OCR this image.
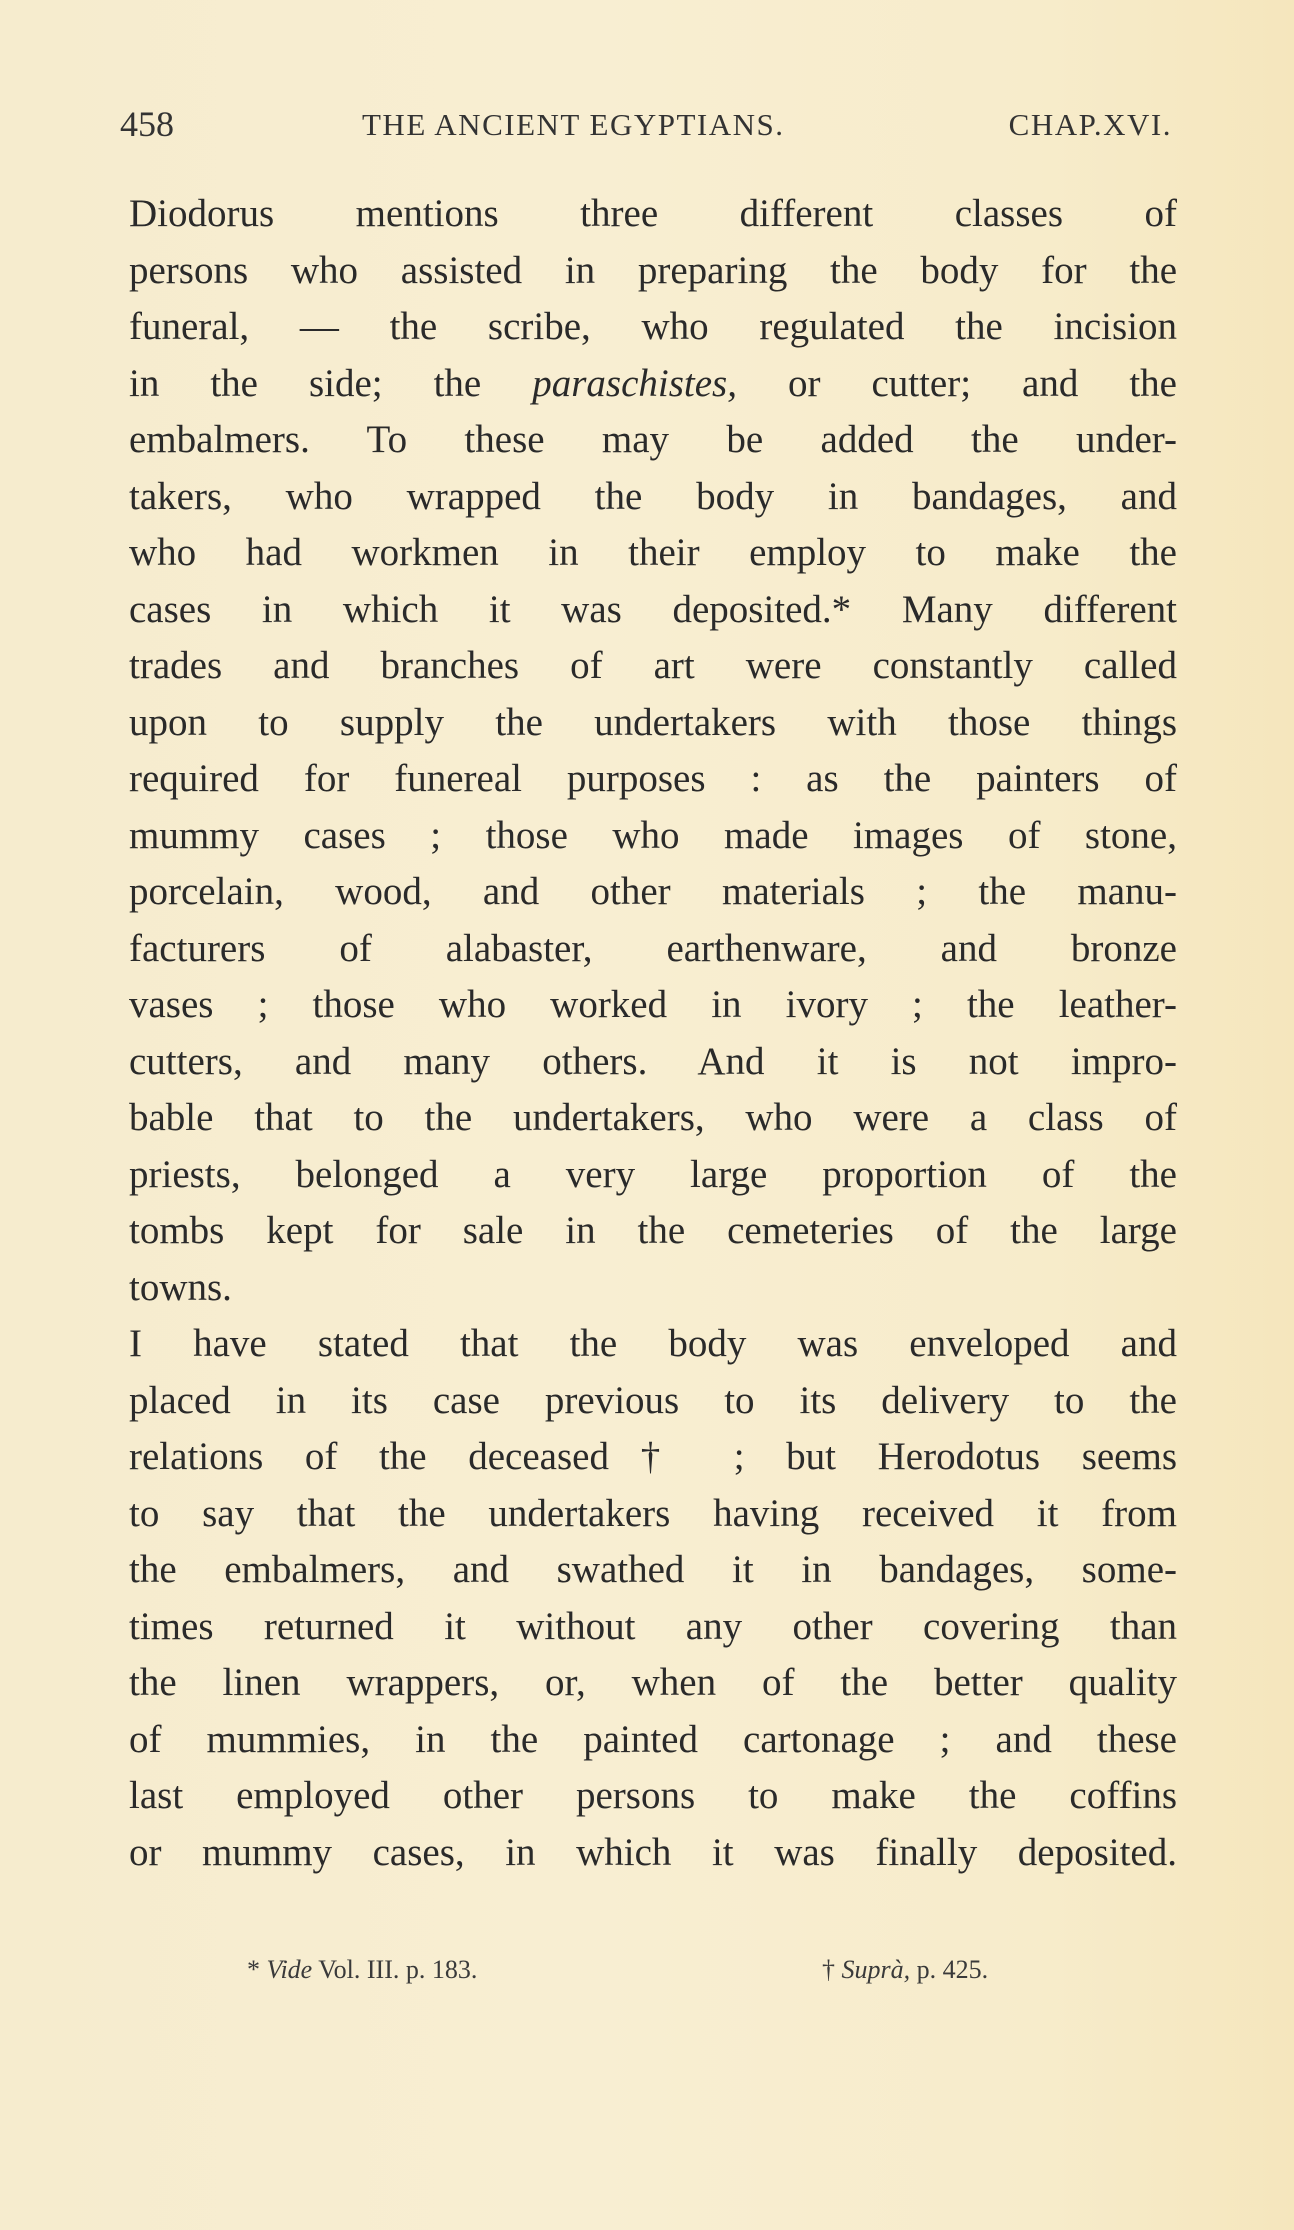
458	THE ANCIENT EGYPTIANS.	CHAP.XVI.
Diodorus mentions three different classes of
persons who assisted in preparing the body for the
funeral, — the scribe, who regulated the incision
in the side; the paraschistes, or cutter; and the
embalmers. To these may be added the under-
takers, who wrapped the body in bandages, and
who had workmen in their employ to make the
cases in which it was deposited.* Many different
trades and branches of art were constantly called
upon to supply the undertakers with those things
required for funereal purposes : as the painters of
mummy cases ; those who made images of stone,
porcelain, wood, and other materials ; the manu-
facturers of alabaster, earthenware, and bronze
vases ; those who worked in ivory ; the leather-
cutters, and many others. And it is not impro-
bable that to the undertakers, who were a class of
priests, belonged a very large proportion of the
tombs kept for sale in the cemeteries of the large
towns.
I have stated that the body was enveloped and
placed in its case previous to its delivery to the
relations of the deceased† ; but Herodotus seems
to say that the undertakers having received it from
the embalmers, and swathed it in bandages, some-
times returned it without any other covering than
the linen wrappers, or, when of the better quality
of mummies, in the painted cartonage ; and these
last employed other persons to make the coffins
or mummy cases, in which it was finally deposited.
* Vide Vol. III. p. 183.	† Suprà, p. 425.
